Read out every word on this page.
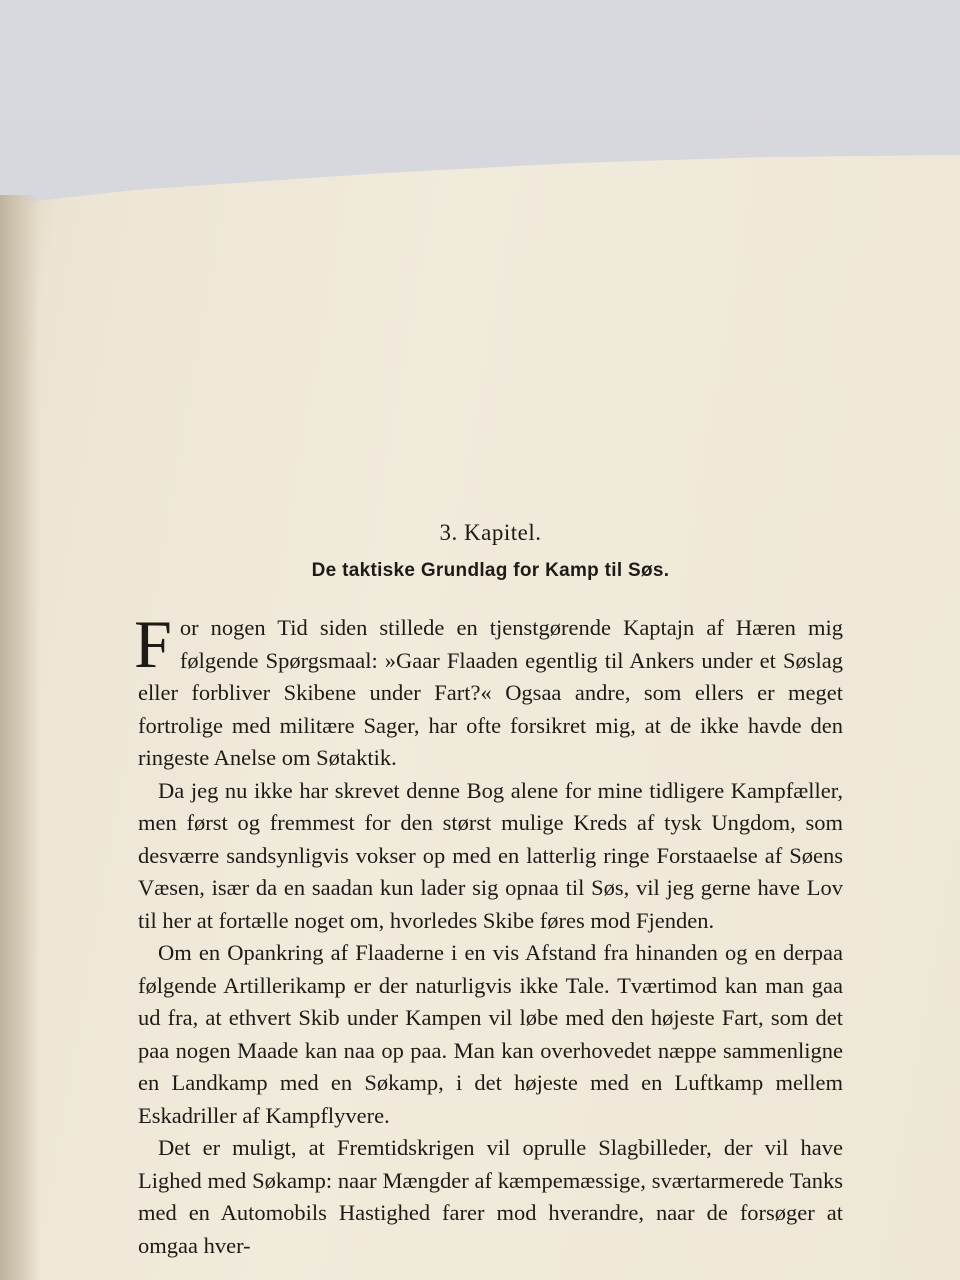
3. Kapitel.
De taktiske Grundlag for Kamp til Søs.

For nogen Tid siden stillede en tjenstgørende Kaptajn af Hæren mig følgende Spørgsmaal: »Gaar Flaaden egentlig til Ankers under et Søslag eller forbliver Skibene under Fart?« Ogsaa andre, som ellers er meget fortrolige med militære Sager, har ofte forsikret mig, at de ikke havde den ringeste Anelse om Søtaktik.

Da jeg nu ikke har skrevet denne Bog alene for mine tidligere Kampfæller, men først og fremmest for den størst mulige Kreds af tysk Ungdom, som desværre sandsynligvis vokser op med en latterlig ringe Forstaaelse af Søens Væsen, især da en saadan kun lader sig opnaa til Søs, vil jeg gerne have Lov til her at fortælle noget om, hvorledes Skibe føres mod Fjenden.

Om en Opankring af Flaaderne i en vis Afstand fra hinanden og en derpaa følgende Artillerikamp er der naturligvis ikke Tale. Tværtimod kan man gaa ud fra, at ethvert Skib under Kampen vil løbe med den højeste Fart, som det paa nogen Maade kan naa op paa. Man kan overhovedet næppe sammenligne en Landkamp med en Søkamp, i det højeste med en Luftkamp mellem Eskadriller af Kampflyvere.

Det er muligt, at Fremtidskrigen vil oprulle Slagbilleder, der vil have Lighed med Søkamp: naar Mængder af kæmpemæssige, sværtarmerede Tanks med en Automobils Hastighed farer mod hverandre, naar de forsøger at omgaa hver-
